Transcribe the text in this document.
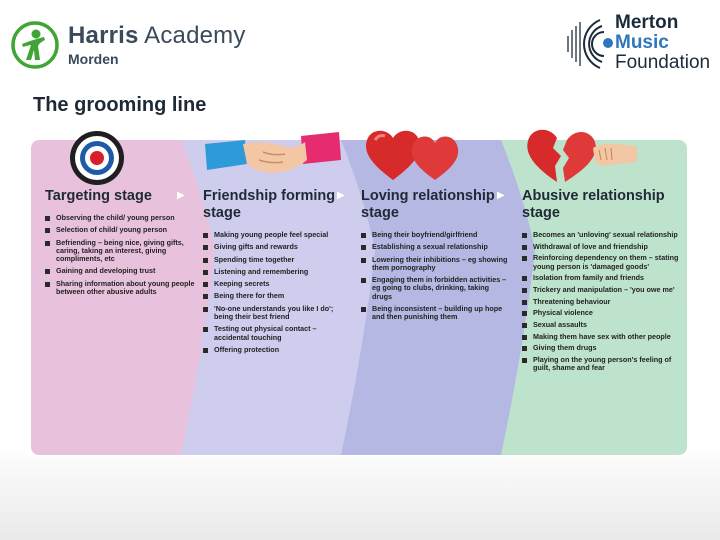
Harris Academy
Morden
Merton
Music
Foundation
The grooming line
▶	▶	▶
Targeting stage
Observing the child/ young person
Selection of child/ young person
Befriending – being nice, giving gifts, caring, taking an interest, giving compliments, etc
Gaining and developing trust
Sharing information about young people between other abusive adults
Friendship forming stage
Making young people feel special
Giving gifts and rewards
Spending time together
Listening and remembering
Keeping secrets
Being there for them
'No-one understands you like I do'; being their best friend
Testing out physical contact – accidental touching
Offering protection
Loving relationship stage
Being their boyfriend/girlfriend
Establishing a sexual relationship
Lowering their inhibitions – eg showing them pornography
Engaging them in forbidden activities – eg going to clubs, drinking, taking drugs
Being inconsistent – building up hope and then punishing them
Abusive relationship stage
Becomes an 'unloving' sexual relationship
Withdrawal of love and friendship
Reinforcing dependency on them – stating young person is 'damaged goods'
Isolation from family and friends
Trickery and manipulation – 'you owe me'
Threatening behaviour
Physical violence
Sexual assaults
Making them have sex with other people
Giving them drugs
Playing on the young person's feeling of guilt, shame and fear
